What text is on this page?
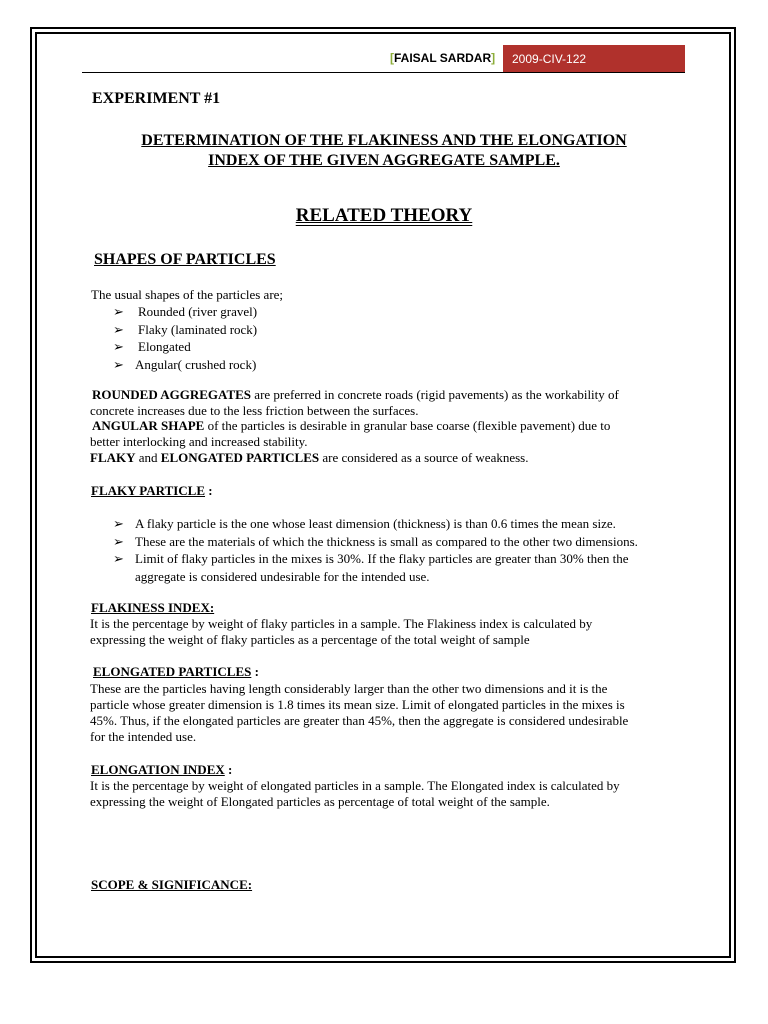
[FAISAL SARDAR]	2009-CIV-122
EXPERIMENT #1
DETERMINATION OF THE FLAKINESS AND THE ELONGATION
INDEX OF THE GIVEN AGGREGATE SAMPLE.
RELATED THEORY
SHAPES OF PARTICLES
The usual shapes of the particles are;
➢ Rounded (river gravel)
➢ Flaky (laminated rock)
➢ Elongated
➢ Angular( crushed rock)
ROUNDED AGGREGATES are preferred in concrete roads (rigid pavements) as the workability of
concrete increases due to the less friction between the surfaces.
ANGULAR SHAPE of the particles is desirable in granular base coarse (flexible pavement) due to
better interlocking and increased stability.
FLAKY and ELONGATED PARTICLES are considered as a source of weakness.
FLAKY PARTICLE :
➢ A flaky particle is the one whose least dimension (thickness) is than 0.6 times the mean size.
➢ These are the materials of which the thickness is small as compared to the other two dimensions.
➢ Limit of flaky particles in the mixes is 30%. If the flaky particles are greater than 30% then the
aggregate is considered undesirable for the intended use.
FLAKINESS INDEX:
It is the percentage by weight of flaky particles in a sample. The Flakiness index is calculated by
expressing the weight of flaky particles as a percentage of the total weight of sample
ELONGATED PARTICLES :
These are the particles having length considerably larger than the other two dimensions and it is the
particle whose greater dimension is 1.8 times its mean size. Limit of elongated particles in the mixes is
45%. Thus, if the elongated particles are greater than 45%, then the aggregate is considered undesirable
for the intended use.
ELONGATION INDEX :
It is the percentage by weight of elongated particles in a sample. The Elongated index is calculated by
expressing the weight of Elongated particles as percentage of total weight of the sample.
SCOPE & SIGNIFICANCE:
